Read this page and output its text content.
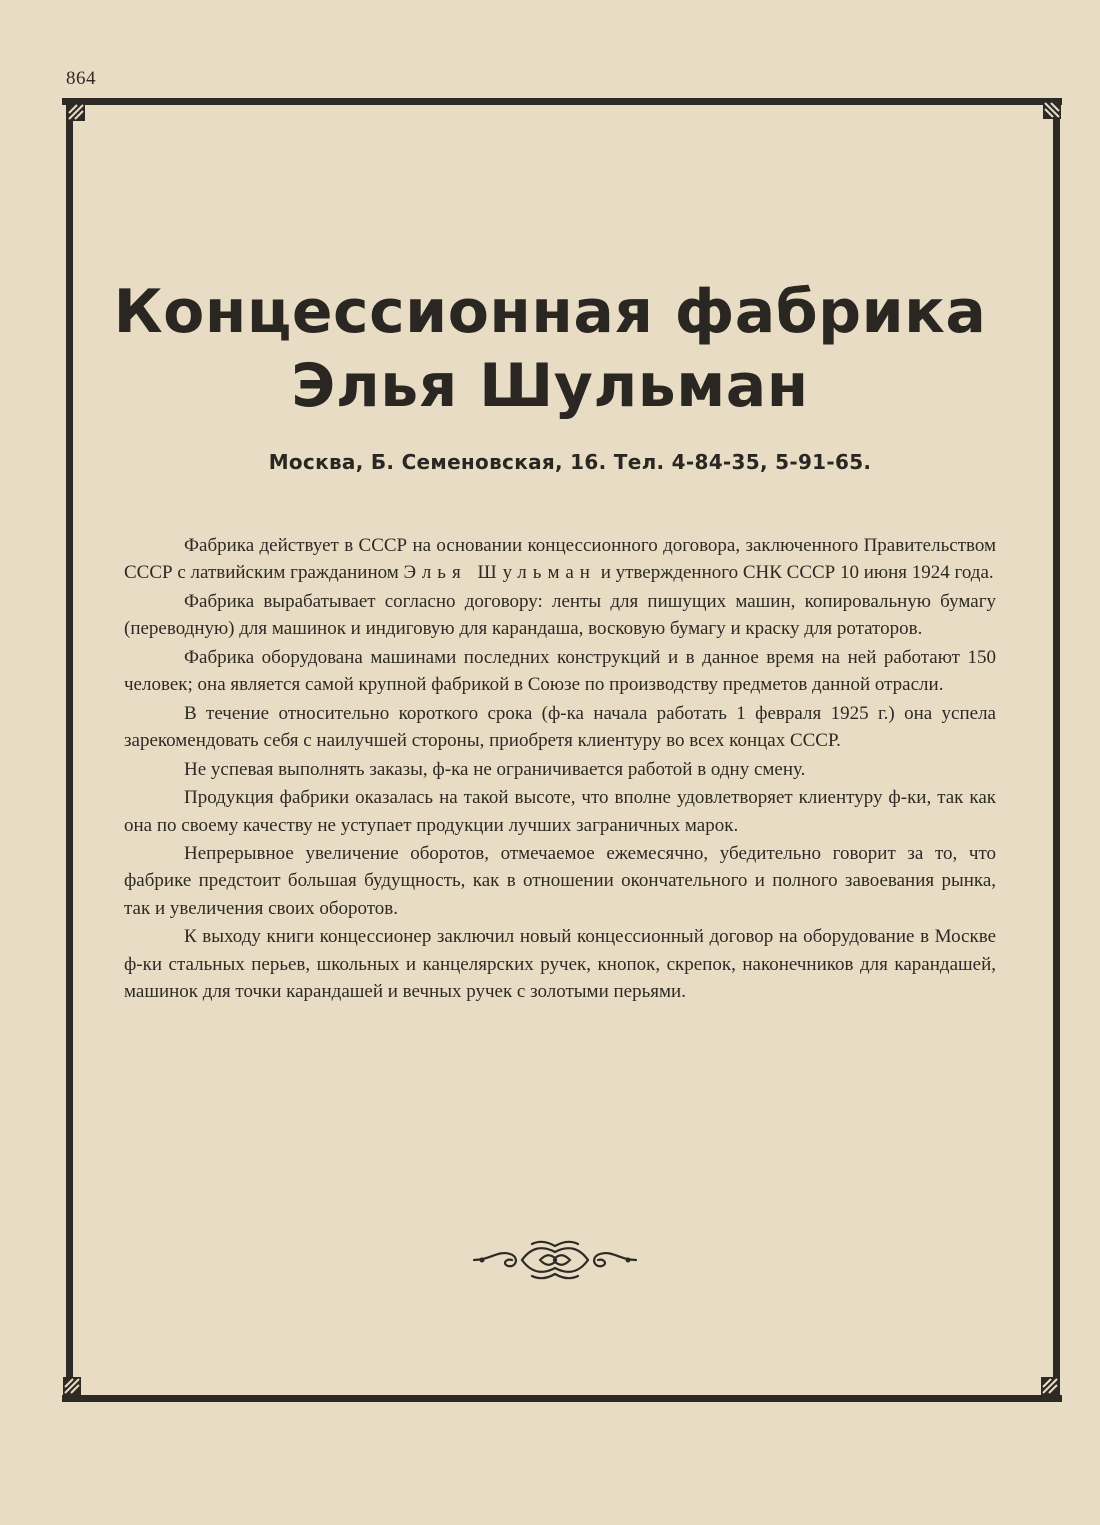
864
Концессионная фабрика
Элья Шульман
Москва, Б. Семеновская, 16. Тел. 4-84-35, 5-91-65.

Фабрика действует в СССР на основании концессионного договора, заключенного Правительством СССР с латвийским гражданином Элья Шульман и утвержденного СНК СССР 10 июня 1924 года.

Фабрика вырабатывает согласно договору: ленты для пишущих машин, копировальную бумагу (переводную) для машинок и индиговую для карандаша, восковую бумагу и краску для ротаторов.

Фабрика оборудована машинами последних конструкций и в данное время на ней работают 150 человек; она является самой крупной фабрикой в Союзе по производству предметов данной отрасли.

В течение относительно короткого срока (ф-ка начала работать 1 февраля 1925 г.) она успела зарекомендовать себя с наилучшей стороны, приобретя клиентуру во всех концах СССР.

Не успевая выполнять заказы, ф-ка не ограничивается работой в одну смену.

Продукция фабрики оказалась на такой высоте, что вполне удовлетворяет клиентуру ф-ки, так как она по своему качеству не уступает продукции лучших заграничных марок.

Непрерывное увеличение оборотов, отмечаемое ежемесячно, убедительно говорит за то, что фабрике предстоит большая будущность, как в отношении окончательного и полного завоевания рынка, так и увеличения своих оборотов.

К выходу книги концессионер заключил новый концессионный договор на оборудование в Москве ф-ки стальных перьев, школьных и канцелярских ручек, кнопок, скрепок, наконечников для карандашей, машинок для точки карандашей и вечных ручек с золотыми перьями.
